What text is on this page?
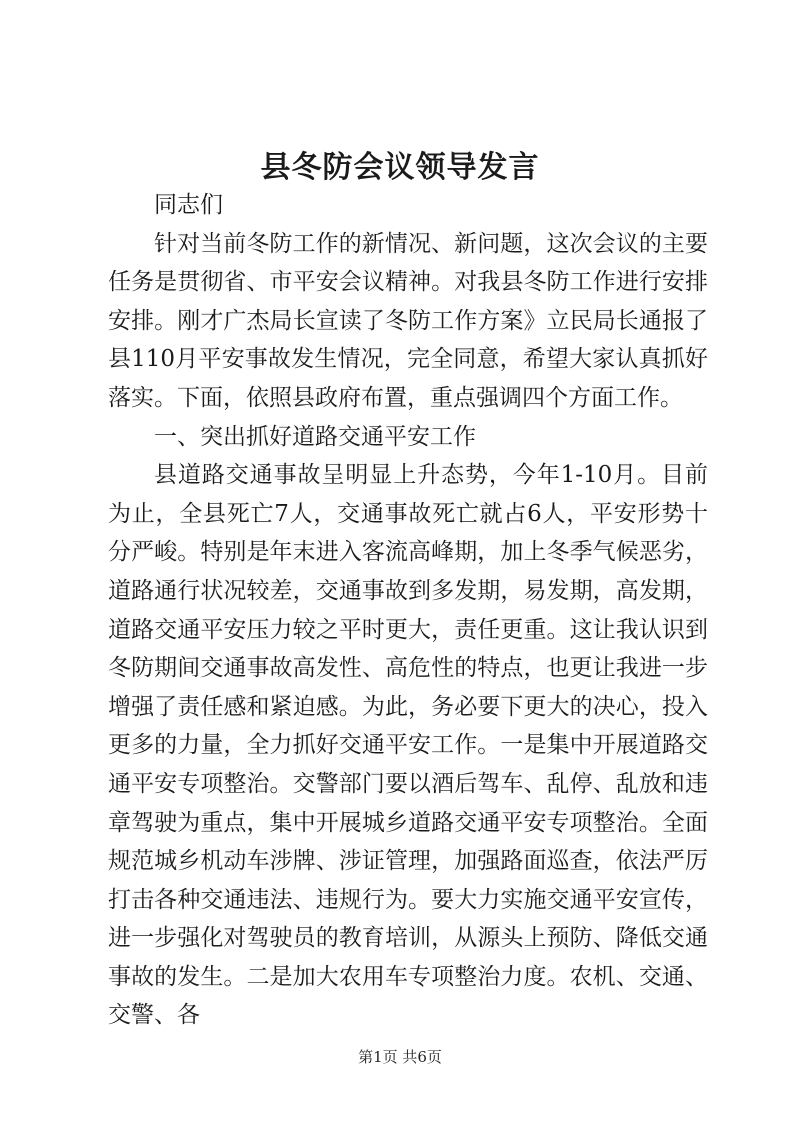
县冬防会议领导发言

同志们

针对当前冬防工作的新情况、新问题，这次会议的主要任务是贯彻省、市平安会议精神。对我县冬防工作进行安排安排。刚才广杰局长宣读了冬防工作方案》立民局长通报了县110月平安事故发生情况，完全同意，希望大家认真抓好落实。下面，依照县政府布置，重点强调四个方面工作。

一、突出抓好道路交通平安工作

县道路交通事故呈明显上升态势，今年1-10月。目前为止，全县死亡7人，交通事故死亡就占6人，平安形势十分严峻。特别是年末进入客流高峰期，加上冬季气候恶劣，道路通行状况较差，交通事故到多发期，易发期，高发期，道路交通平安压力较之平时更大，责任更重。这让我认识到冬防期间交通事故高发性、高危性的特点，也更让我进一步增强了责任感和紧迫感。为此，务必要下更大的决心，投入更多的力量，全力抓好交通平安工作。一是集中开展道路交通平安专项整治。交警部门要以酒后驾车、乱停、乱放和违章驾驶为重点，集中开展城乡道路交通平安专项整治。全面规范城乡机动车涉牌、涉证管理，加强路面巡查，依法严厉打击各种交通违法、违规行为。要大力实施交通平安宣传，进一步强化对驾驶员的教育培训，从源头上预防、降低交通事故的发生。二是加大农用车专项整治力度。农机、交通、交警、各

第1页 共6页
